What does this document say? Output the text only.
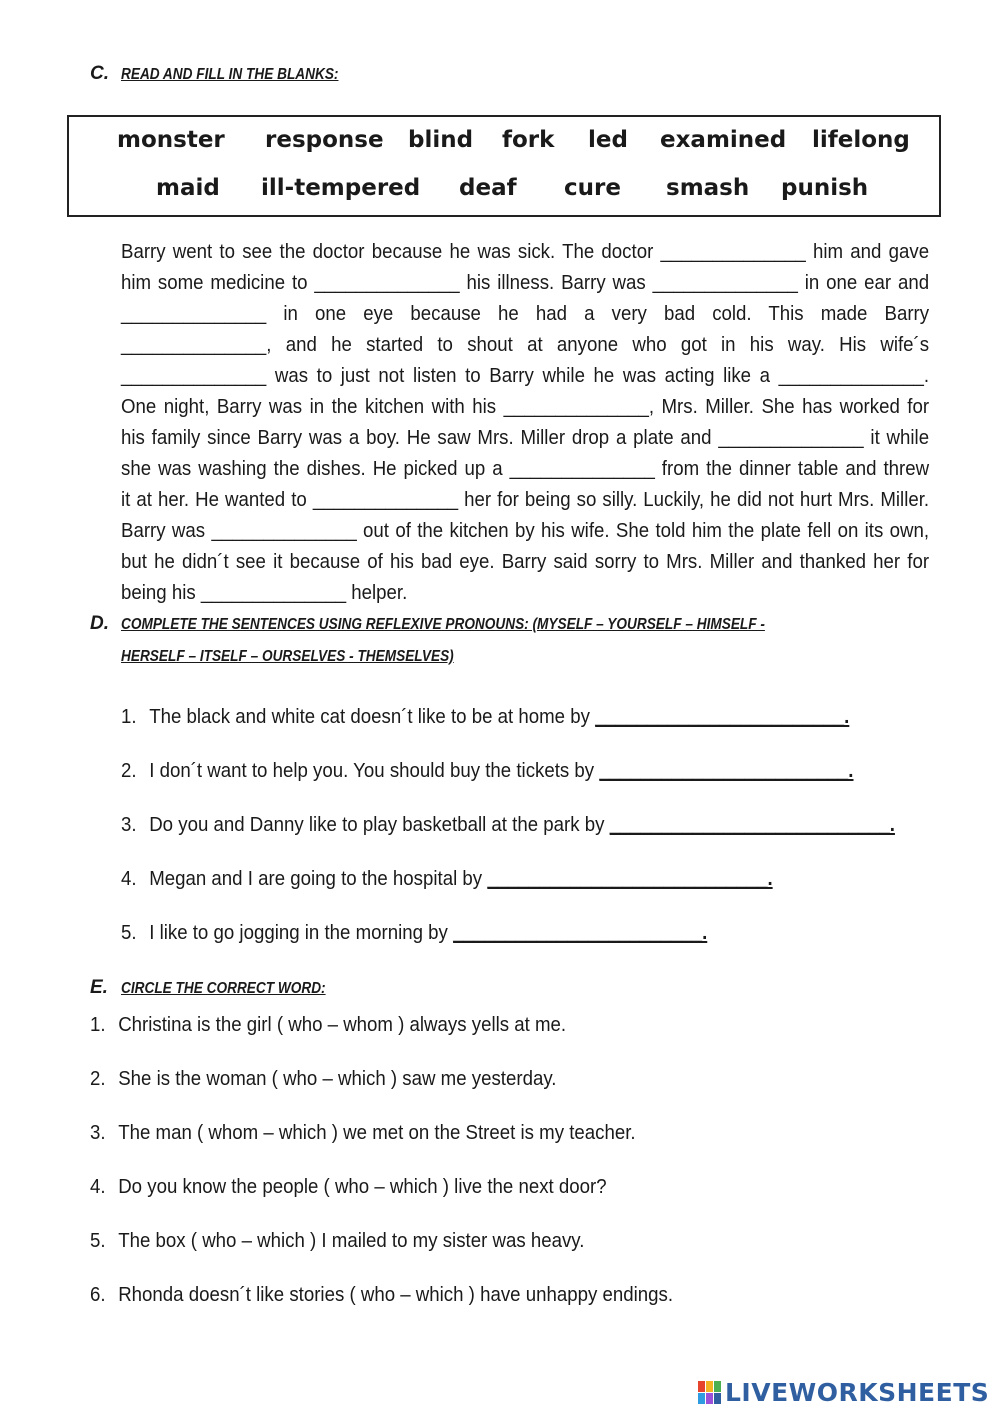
C. READ AND FILL IN THE BLANKS:
monster response blind fork led examined lifelong
maid ill-tempered deaf cure smash punish
Barry went to see the doctor because he was sick. The doctor ______________ him and gave
him some medicine to ______________ his illness. Barry was ______________ in one ear and
______________ in one eye because he had a very bad cold. This made Barry
______________, and he started to shout at anyone who got in his way. His wife´s
______________ was to just not listen to Barry while he was acting like a ______________.
One night, Barry was in the kitchen with his ______________, Mrs. Miller. She has worked for
his family since Barry was a boy. He saw Mrs. Miller drop a plate and ______________ it while
she was washing the dishes. He picked up a ______________ from the dinner table and threw
it at her. He wanted to ______________ her for being so silly. Luckily, he did not hurt Mrs. Miller.
Barry was ______________ out of the kitchen by his wife. She told him the plate fell on its own,
but he didn´t see it because of his bad eye. Barry said sorry to Mrs. Miller and thanked her for
being his ______________ helper.
D. COMPLETE THE SENTENCES USING REFLEXIVE PRONOUNS: (MYSELF – YOURSELF – HIMSELF -
HERSELF – ITSELF – OURSELVES - THEMSELVES)
1. The black and white cat doesn´t like to be at home by ________________________.
2. I don´t want to help you. You should buy the tickets by ________________________.
3. Do you and Danny like to play basketball at the park by ___________________________.
4. Megan and I are going to the hospital by ___________________________.
5. I like to go jogging in the morning by ________________________.
E. CIRCLE THE CORRECT WORD:
1. Christina is the girl ( who – whom ) always yells at me.
2. She is the woman ( who – which ) saw me yesterday.
3. The man ( whom – which ) we met on the Street is my teacher.
4. Do you know the people ( who – which ) live the next door?
5. The box ( who – which ) I mailed to my sister was heavy.
6. Rhonda doesn´t like stories ( who – which ) have unhappy endings.
LIVEWORKSHEETS
